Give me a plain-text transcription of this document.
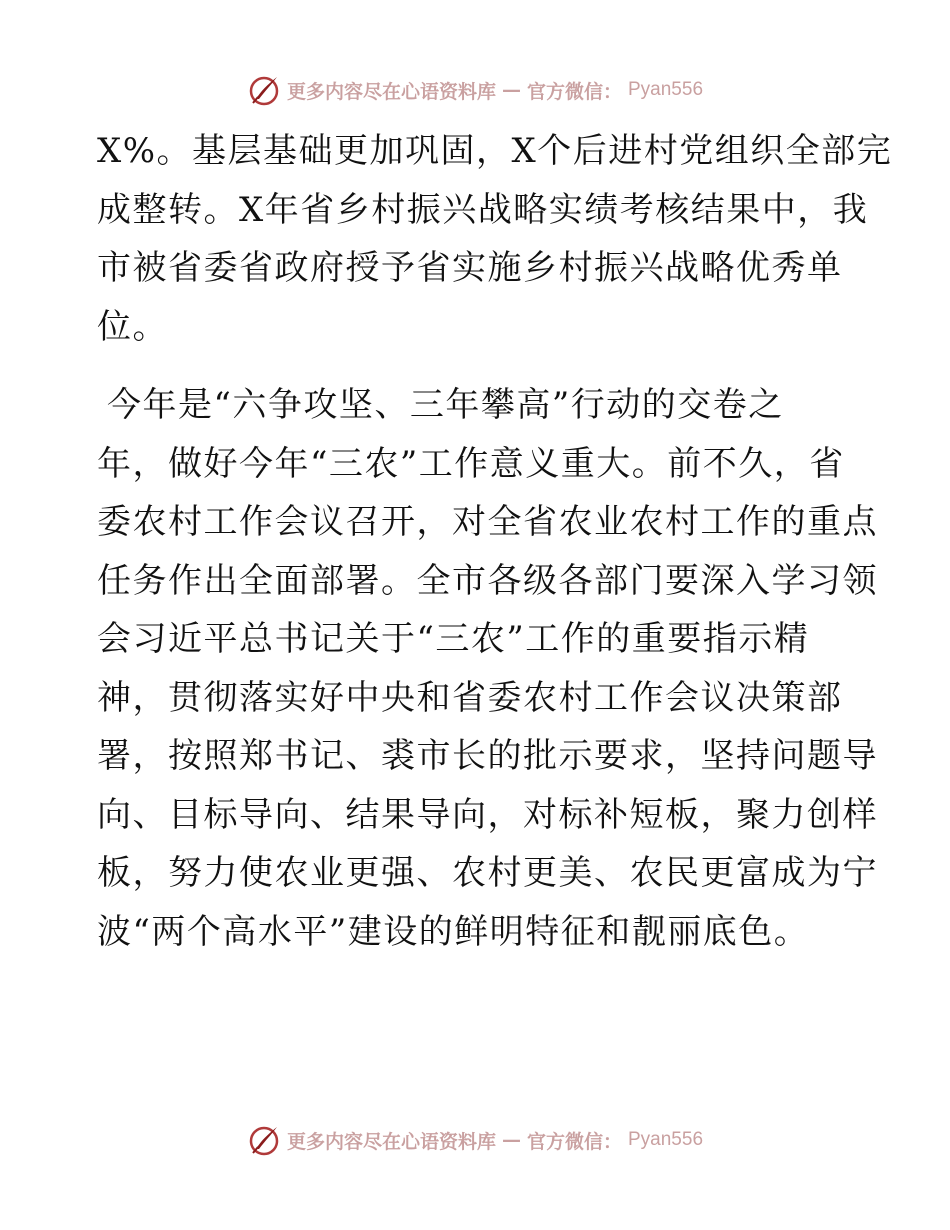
更多内容尽在心语资料库 — 官方微信： Pyan556
X%。基层基础更加巩固，X个后进村党组织全部完
成整转。X年省乡村振兴战略实绩考核结果中，我
市被省委省政府授予省实施乡村振兴战略优秀单
位。
今年是“六争攻坚、三年攀高”行动的交卷之
年，做好今年“三农”工作意义重大。前不久，省
委农村工作会议召开，对全省农业农村工作的重点
任务作出全面部署。全市各级各部门要深入学习领
会习近平总书记关于“三农”工作的重要指示精
神，贯彻落实好中央和省委农村工作会议决策部
署，按照郑书记、裘市长的批示要求，坚持问题导
向、目标导向、结果导向，对标补短板，聚力创样
板，努力使农业更强、农村更美、农民更富成为宁
波“两个高水平”建设的鲜明特征和靓丽底色。
更多内容尽在心语资料库 — 官方微信： Pyan556
